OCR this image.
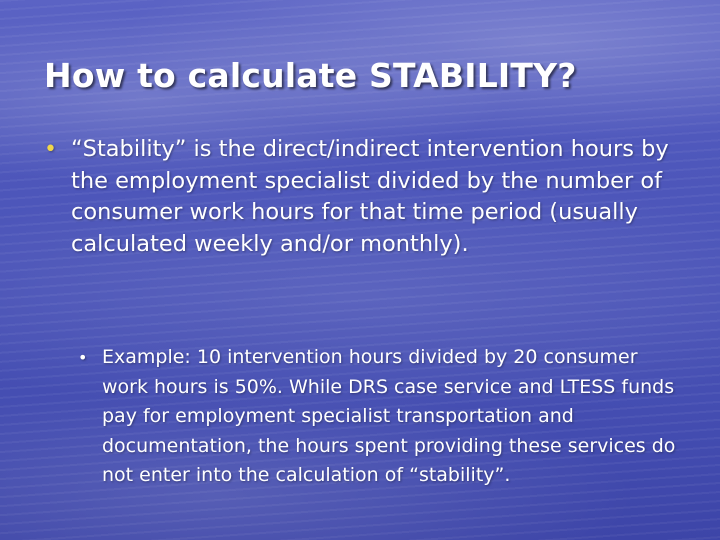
How to calculate STABILITY?
• “Stability” is the direct/indirect intervention hours by the employment specialist divided by the number of consumer work hours for that time period (usually calculated weekly and/or monthly).
• Example: 10 intervention hours divided by 20 consumer work hours is 50%. While DRS case service and LTESS funds pay for employment specialist transportation and documentation, the hours spent providing these services do not enter into the calculation of “stability”.
